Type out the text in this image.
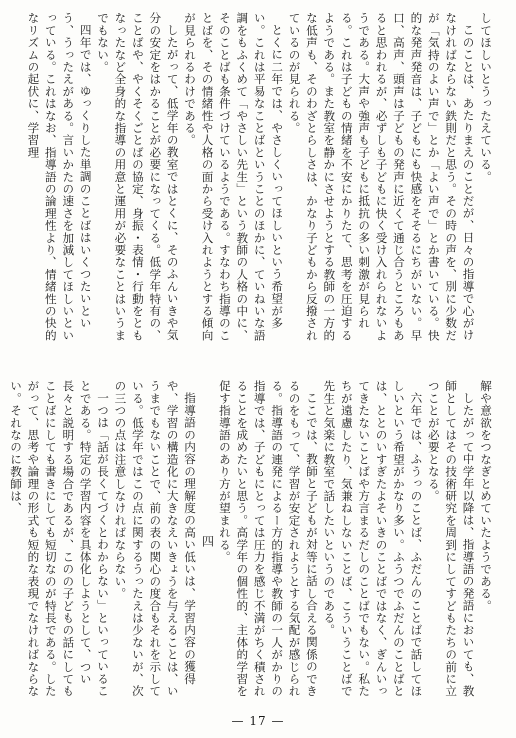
してほしいとうったえている。

このことは、あたりまえのことだが、日々の指導で心がけなければならない鉄則だと思う。その時の声を、別に少数だが「気持のよい声で」とか「よい声で」とか書いている。快的な発声発音は、子どもにも快感をそそるにちがいない。早口、高声、頭声は子どもの発声に近くて通じ合うところもあると思われるが、必ずしも子どもに快く受け入れられないようである。大声や強声も子どもに抵抗の多い刺激が見られる。これは子どもの情緒を不安にかりたて、思考を圧迫するようである。また教室を静かにさせようとする教師の一方的な低声も、そのわざとらしさは、かなり子どもから反撥されているのが見られる。

とくに二年では、やさしくいってほしいという希望が多い。これは平易なことばということのほかに、ていねいな語調をもふくめて「やさしい先生」という教師の人格の中に、そのことばも条件づけているようである。すなわち指導のことばを、その情緒性や人格の面から受け入れようとする傾向が見られるわけである。

したがって、低学年の教室ではとくに、そのふんいきや気分の安定をはかることが必要になってくる。低学年特有の、ことばや、やくそくごとばの協定、身振・表情・行動をともなったなど全身的な指導の用意と運用が必要なことはいうまでもない。

四年では、ゆっくりした単調のことばはいくつたいという、うったえがある。言いかたの速さを加減してほしいといっている。これはなお、指導語の論理性より、情緒性の快的なリズムの起伏に、学習理

解や意欲をつなぎとめていたようである。

したがって中学年以降は、指導語の発語においても、教師としてはその技術研究を周到にしてすどもたちの前に立つことが必要となる。

六年では、ふうっのことば、ふだんのことばで話してほしいという希望がかなり多い。ふうつでふだんのことばとは、ととのいすぎたよそいきのことばではなく、ぎんいってきたないことばや方言まるだしのことばでもない。私たちが遠慮したり、気兼ねしないことば、こういうことばで先生と気楽に教室で話したいというのである。

ここでは、教師と子どもが対等に話し合える関係のできるのをもって、学習が安定されようとする気配が感じられる。指導語の連発によるー方的指導や教師の一人がかりの指導では、子どもにとっては圧力を感じ不満がちく積されることを成めたいと思う。高学年の個性的、主体的学習を促す指導語のあり方が望まれる。

四

指導語の内容の理解度の高い低いは、学習内容の獲得や、学習の構造化に大きなえいきょうを与えることは、いうまでもないことで、前の表の関心の度合もそれを示している。低学年ではこの点に関するうったえは少ないが、次の三つの点は注意しなければならない。

一つは「話が長くてづくとわからない」といっていることである。特定の学習内容を具体化しようとして、つい長々と説明する場合であるが、このの子どもの話にしてもことばにしても書きにしても短切なのが特長である。したがって、思考や論理の形式も短的な表現でなければならない。それなのに教師は、

— 17 —
